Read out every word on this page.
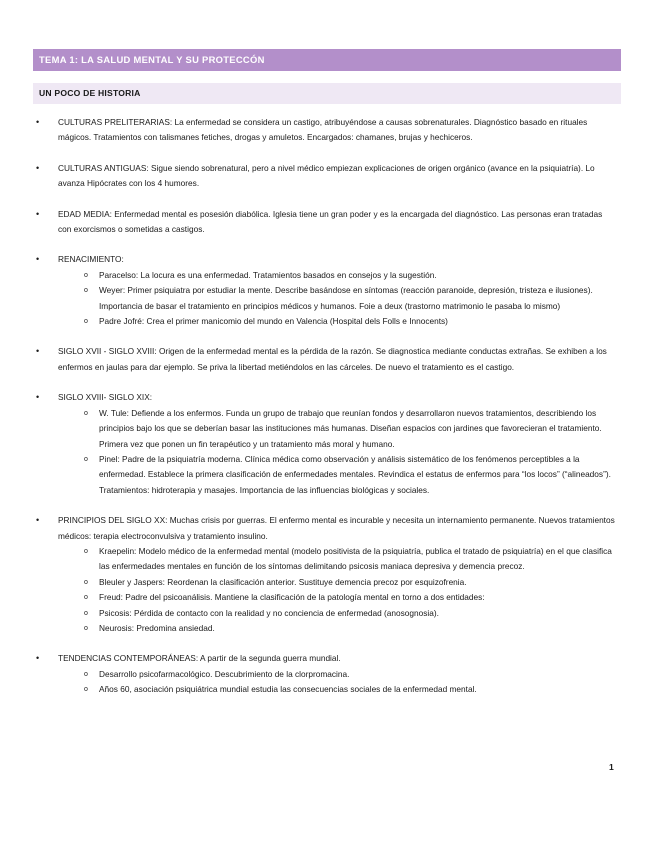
TEMA 1: LA SALUD MENTAL Y SU PROTECCÓN
UN POCO DE HISTORIA
• CULTURAS PRELITERARIAS: La enfermedad se considera un castigo, atribuyéndose a causas sobrenaturales. Diagnóstico basado en rituales mágicos. Tratamientos con talismanes fetiches, drogas y amuletos. Encargados: chamanes, brujas y hechiceros.
• CULTURAS ANTIGUAS: Sigue siendo sobrenatural, pero a nivel médico empiezan explicaciones de origen orgánico (avance en la psiquiatría). Lo avanza Hipócrates con los 4 humores.
• EDAD MEDIA: Enfermedad mental es posesión diabólica. Iglesia tiene un gran poder y es la encargada del diagnóstico. Las personas eran tratadas con exorcismos o sometidas a castigos.
• RENACIMIENTO:
o Paracelso: La locura es una enfermedad. Tratamientos basados en consejos y la sugestión.
o Weyer: Primer psiquiatra por estudiar la mente. Describe basándose en síntomas (reacción paranoide, depresión, tristeza e ilusiones). Importancia de basar el tratamiento en principios médicos y humanos. Foie a deux (trastorno matrimonio le pasaba lo mismo)
o Padre Jofré: Crea el primer manicomio del mundo en Valencia (Hospital dels Folls e Innocents)
• SIGLO XVII - SIGLO XVIII: Origen de la enfermedad mental es la pérdida de la razón. Se diagnostica mediante conductas extrañas. Se exhiben a los enfermos en jaulas para dar ejemplo. Se priva la libertad metiéndolos en las cárceles. De nuevo el tratamiento es el castigo.
• SIGLO XVIII- SIGLO XIX:
o W. Tule: Defiende a los enfermos. Funda un grupo de trabajo que reunían fondos y desarrollaron nuevos tratamientos, describiendo los principios bajo los que se deberían basar las instituciones más humanas. Diseñan espacios con jardines que favorecieran el tratamiento. Primera vez que ponen un fin terapéutico y un tratamiento más moral y humano.
o Pinel: Padre de la psiquiatría moderna. Clínica médica como observación y análisis sistemático de los fenómenos perceptibles a la enfermedad. Establece la primera clasificación de enfermedades mentales. Revindica el estatus de enfermos para “los locos” (“alineados”). Tratamientos: hidroterapia y masajes. Importancia de las influencias biológicas y sociales.
• PRINCIPIOS DEL SIGLO XX: Muchas crisis por guerras. El enfermo mental es incurable y necesita un internamiento permanente. Nuevos tratamientos médicos: terapia electroconvulsiva y tratamiento insulino.
o Kraepelin: Modelo médico de la enfermedad mental (modelo positivista de la psiquiatría, publica el tratado de psiquiatría) en el que clasifica las enfermedades mentales en función de los síntomas delimitando psicosis maniaca depresiva y demencia precoz.
o Bleuler y Jaspers: Reordenan la clasificación anterior. Sustituye demencia precoz por esquizofrenia.
o Freud: Padre del psicoanálisis. Mantiene la clasificación de la patología mental en torno a dos entidades:
o Psicosis: Pérdida de contacto con la realidad y no conciencia de enfermedad (anosognosia).
o Neurosis: Predomina ansiedad.
• TENDENCIAS CONTEMPORÁNEAS: A partir de la segunda guerra mundial.
o Desarrollo psicofarmacológico. Descubrimiento de la clorpromacina.
o Años 60, asociación psiquiátrica mundial estudia las consecuencias sociales de la enfermedad mental.
1
